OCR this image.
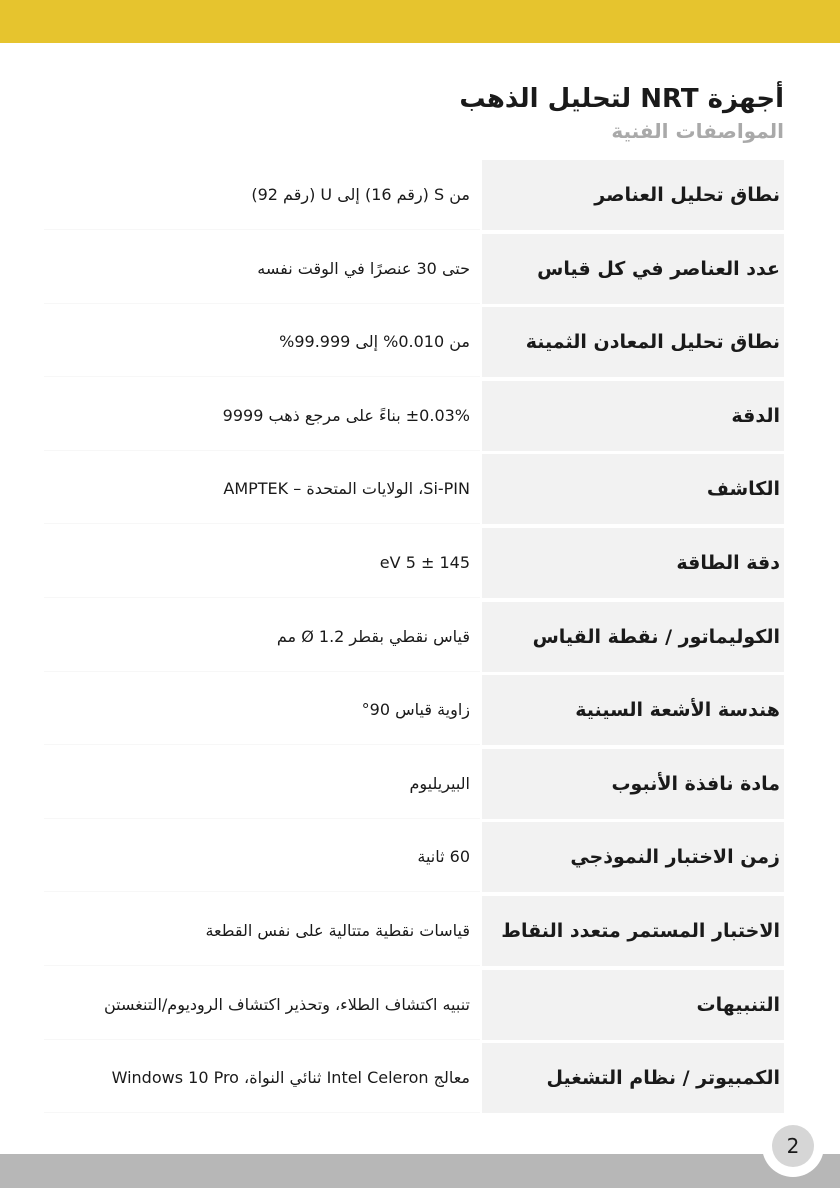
أجهزة NRT لتحليل الذهب
المواصفات الفنية
نطاق تحليل العناصر
من S (رقم 16) إلى U (رقم 92)
عدد العناصر في كل قياس
حتى 30 عنصرًا في الوقت نفسه
نطاق تحليل المعادن الثمينة
من 0.010% إلى 99.999%
الدقة
±0.03% بناءً على مرجع ذهب 9999
الكاشف
Si-PIN، الولايات المتحدة – AMPTEK
دقة الطاقة
145 ± 5 eV
الكوليماتور / نقطة القياس
قياس نقطي بقطر Ø 1.2 مم
هندسة الأشعة السينية
زاوية قياس 90°
مادة نافذة الأنبوب
البيريليوم
زمن الاختبار النموذجي
60 ثانية
الاختبار المستمر متعدد النقاط
قياسات نقطية متتالية على نفس القطعة
التنبيهات
تنبيه اكتشاف الطلاء، وتحذير اكتشاف الروديوم/التنغستن
الكمبيوتر / نظام التشغيل
معالج Intel Celeron ثنائي النواة، Windows 10 Pro
2
